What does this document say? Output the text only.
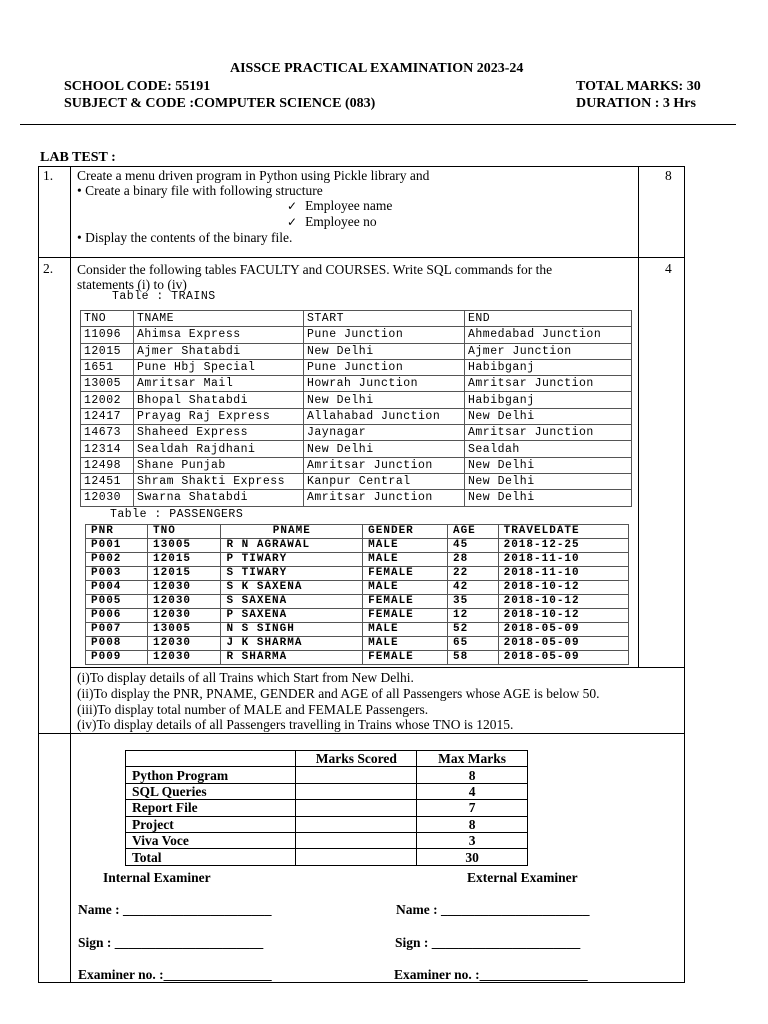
AISSCE PRACTICAL EXAMINATION 2023-24
SCHOOL CODE: 55191	TOTAL MARKS: 30
SUBJECT & CODE :COMPUTER SCIENCE (083)	DURATION : 3 Hrs
LAB TEST :
1.	8
Create a menu driven program in Python using Pickle library and
• Create a binary file with following structure
✓ Employee name
✓ Employee no
• Display the contents of the binary file.
2.	4
Consider the following tables FACULTY and COURSES. Write SQL commands for the
statements (i) to (iv)
Table : TRAINS
TNO	TNAME	START	END
11096	Ahimsa Express	Pune Junction	Ahmedabad Junction
12015	Ajmer Shatabdi	New Delhi	Ajmer Junction
1651	Pune Hbj Special	Pune Junction	Habibganj
13005	Amritsar Mail	Howrah Junction	Amritsar Junction
12002	Bhopal Shatabdi	New Delhi	Habibganj
12417	Prayag Raj Express	Allahabad Junction	New Delhi
14673	Shaheed Express	Jaynagar	Amritsar Junction
12314	Sealdah Rajdhani	New Delhi	Sealdah
12498	Shane Punjab	Amritsar Junction	New Delhi
12451	Shram Shakti Express	Kanpur Central	New Delhi
12030	Swarna Shatabdi	Amritsar Junction	New Delhi
Table : PASSENGERS
PNR	TNO	PNAME	GENDER	AGE	TRAVELDATE
P001	13005	R N AGRAWAL	MALE	45	2018-12-25
P002	12015	P TIWARY	MALE	28	2018-11-10
P003	12015	S TIWARY	FEMALE	22	2018-11-10
P004	12030	S K SAXENA	MALE	42	2018-10-12
P005	12030	S SAXENA	FEMALE	35	2018-10-12
P006	12030	P SAXENA	FEMALE	12	2018-10-12
P007	13005	N S SINGH	MALE	52	2018-05-09
P008	12030	J K SHARMA	MALE	65	2018-05-09
P009	12030	R SHARMA	FEMALE	58	2018-05-09
(i)To display details of all Trains which Start from New Delhi.
(ii)To display the PNR, PNAME, GENDER and AGE of all Passengers whose AGE is below 50.
(iii)To display total number of MALE and FEMALE Passengers.
(iv)To display details of all Passengers travelling in Trains whose TNO is 12015.
	Marks Scored	Max Marks
Python Program		8
SQL Queries		4
Report File		7
Project		8
Viva Voce		3
Total		30
Internal Examiner	External Examiner
Name : ______________________	Name : ______________________
Sign : ______________________	Sign : ______________________
Examiner no. :________________	Examiner no. :________________
